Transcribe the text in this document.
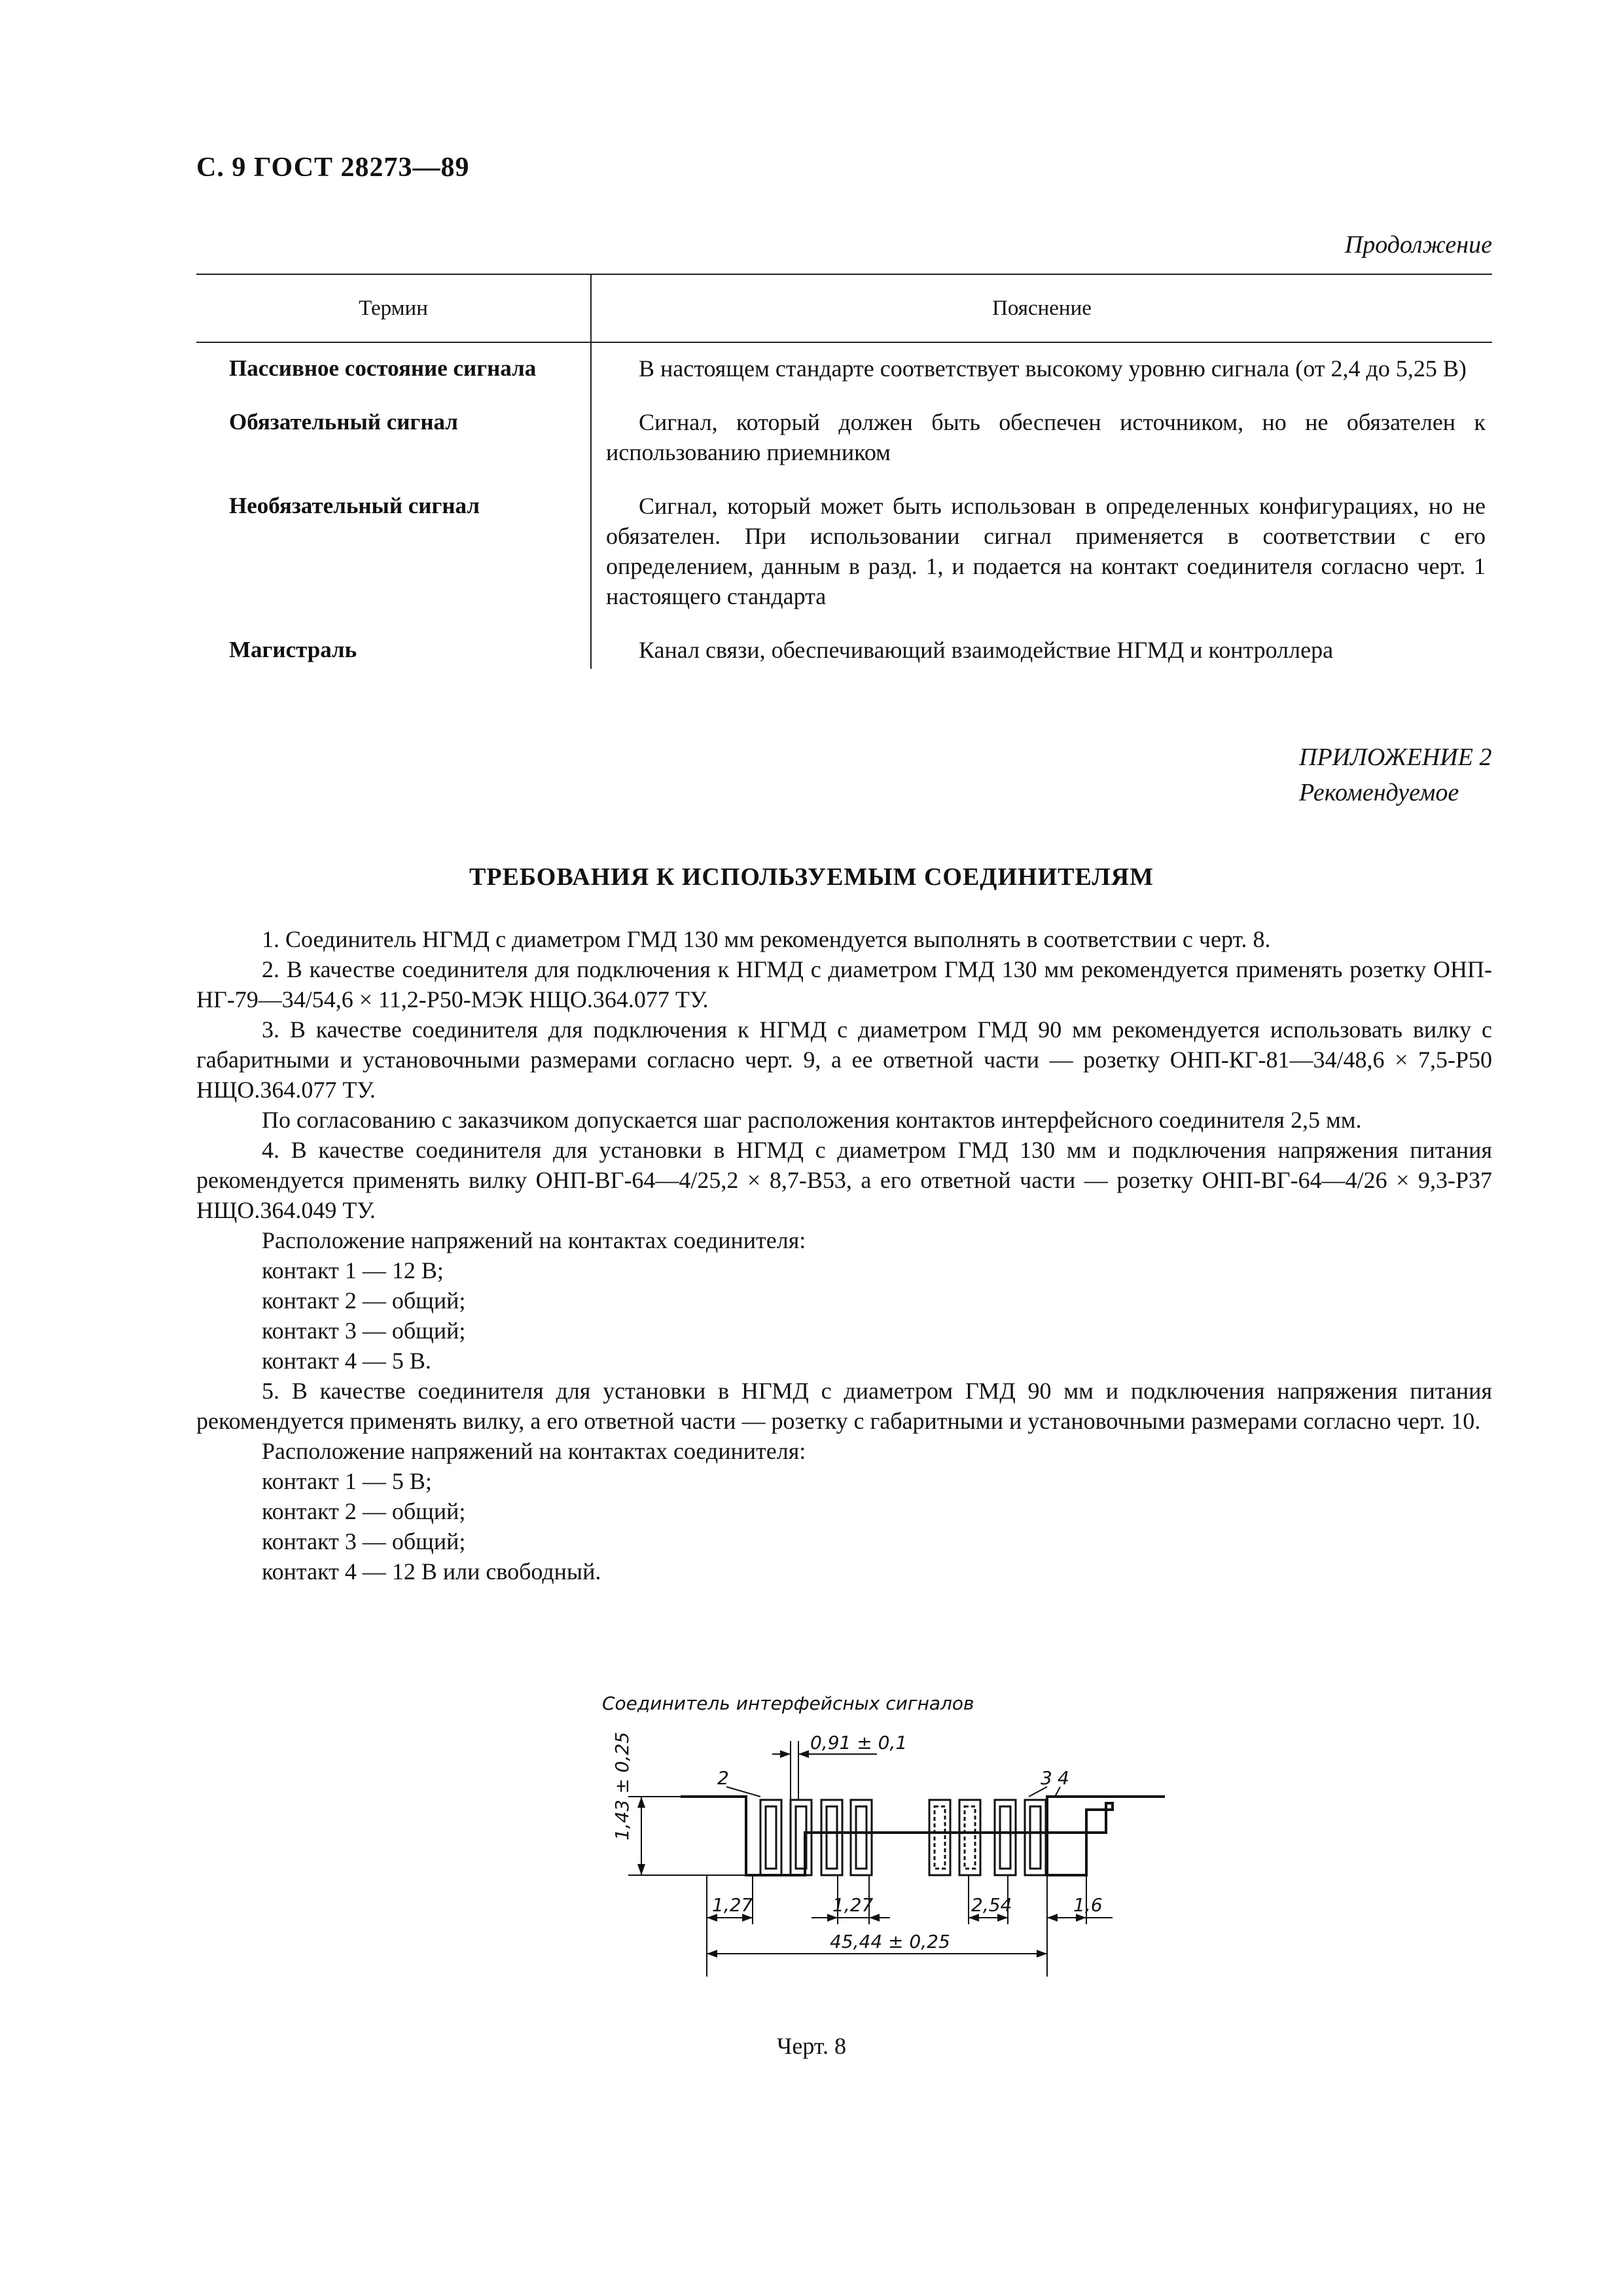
С. 9 ГОСТ 28273—89
Продолжение
Термин	Пояснение
Пассивное состояние сигнала	В настоящем стандарте соответствует высокому уровню сигнала (от 2,4 до 5,25 В)

Обязательный сигнал	Сигнал, который должен быть обеспечен источником, но не обязателен к использованию приемником

Необязательный сигнал	Сигнал, который может быть использован в определенных конфигурациях, но не обязателен. При использовании сигнал применяется в соответствии с его определением, данным в разд. 1, и подается на контакт соединителя согласно черт. 1 настоящего стандарта

Магистраль	Канал связи, обеспечивающий взаимодействие НГМД и контроллера
ПРИЛОЖЕНИЕ 2
Рекомендуемое
ТРЕБОВАНИЯ К ИСПОЛЬЗУЕМЫМ СОЕДИНИТЕЛЯМ

1. Соединитель НГМД с диаметром ГМД 130 мм рекомендуется выполнять в соответствии с черт. 8.

2. В качестве соединителя для подключения к НГМД с диаметром ГМД 130 мм рекомендуется применять розетку ОНП-НГ-79—34/54,6 × 11,2-Р50-МЭК НЩО.364.077 ТУ.

3. В качестве соединителя для подключения к НГМД с диаметром ГМД 90 мм рекомендуется использовать вилку с габаритными и установочными размерами согласно черт. 9, а ее ответной части — розетку ОНП-КГ-81—34/48,6 × 7,5-Р50 НЩО.364.077 ТУ.

По согласованию с заказчиком допускается шаг расположения контактов интерфейсного соединителя 2,5 мм.

4. В качестве соединителя для установки в НГМД с диаметром ГМД 130 мм и подключения напряжения питания рекомендуется применять вилку ОНП-ВГ-64—4/25,2 × 8,7-В53, а его ответной части — розетку ОНП-ВГ-64—4/26 × 9,3-Р37 НЩО.364.049 ТУ.

Расположение напряжений на контактах соединителя:

контакт 1 — 12 В;
контакт 2 — общий;
контакт 3 — общий;
контакт 4 — 5 В.

5. В качестве соединителя для установки в НГМД с диаметром ГМД 90 мм и подключения напряжения питания рекомендуется применять вилку, а его ответной части — розетку с габаритными и установочными размерами согласно черт. 10.

Расположение напряжений на контактах соединителя:

контакт 1 — 5 В;
контакт 2 — общий;
контакт 3 — общий;
контакт 4 — 12 В или свободный.
Соединитель интерфейсных сигналов
0,91 ± 0,1
1,43 ± 0,25
1,27	1,27	2,54	1,6
45,44 ± 0,25
2	3 4
Черт. 8
